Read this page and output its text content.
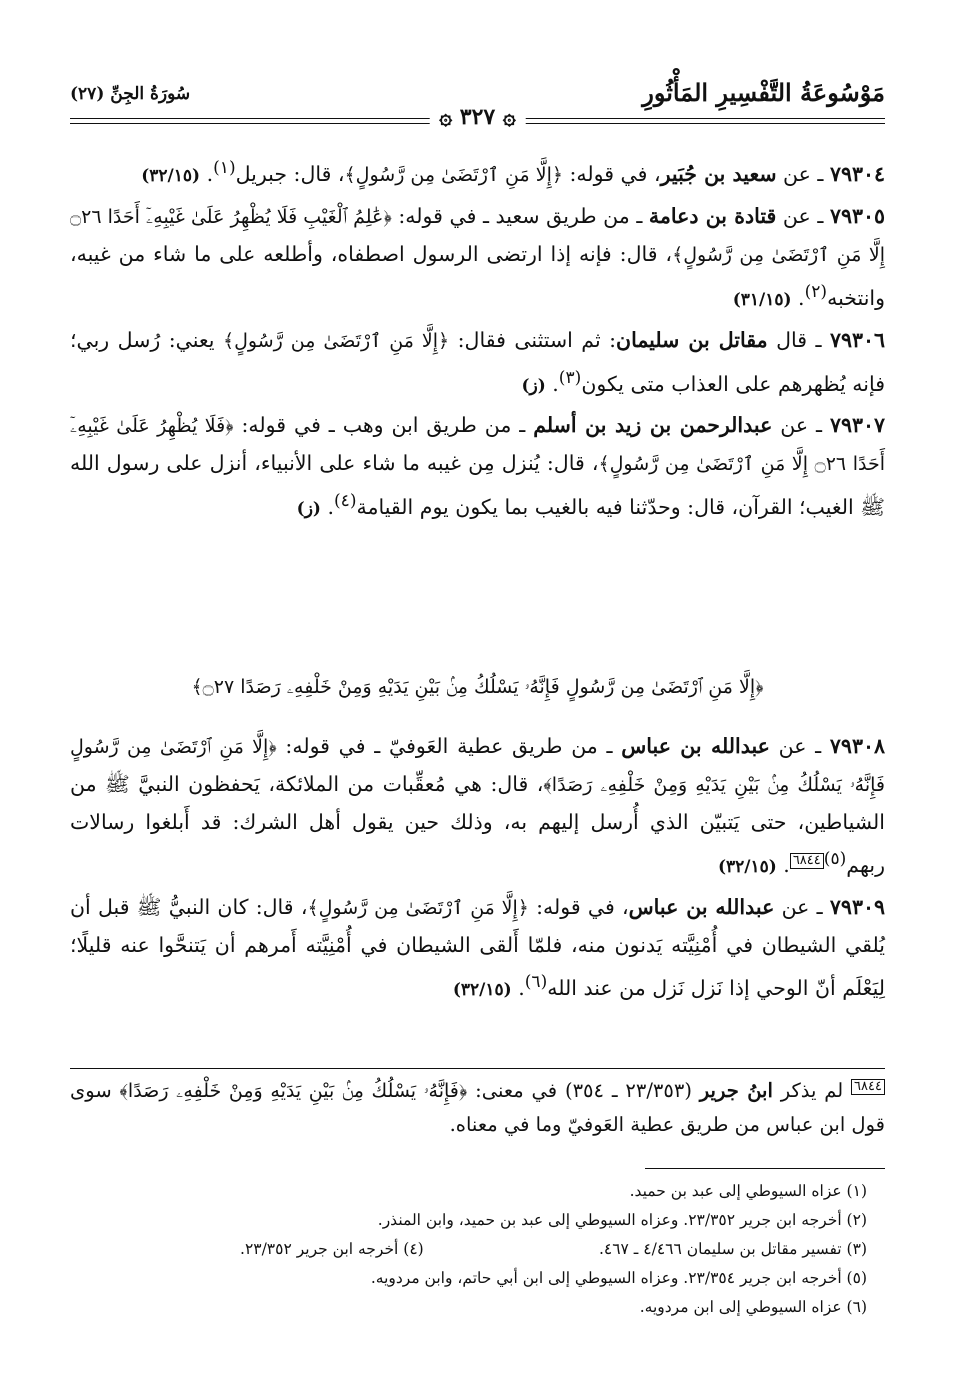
مَوْسُوعَةُ التَّفْسِيرِ المَأْثُورِ
سُورَةُ الجِنِّ (٢٧)
۞ ٣٢٧ ۞

٧٩٣٠٤ ـ عن سعيد بن جُبَير، في قوله: ﴿إِلَّا مَنِ ٱرْتَضَىٰ مِن رَّسُولٍ﴾، قال: جبريل$^{(١)}$. (٣٢/١٥)

٧٩٣٠٥ ـ عن قتادة بن دعامة ـ من طريق سعيد ـ في قوله: ﴿عَٰلِمُ ٱلْغَيْبِ فَلَا يُظْهِرُ عَلَىٰ غَيْبِهِۦٓ أَحَدًا ۝٢٦ إِلَّا مَنِ ٱرْتَضَىٰ مِن رَّسُولٍ﴾، قال: فإنه إذا ارتضى الرسول اصطفاه، وأطلعه على ما شاء من غيبه، وانتخبه$^{(٢)}$. (٣١/١٥)

٧٩٣٠٦ ـ قال مقاتل بن سليمان: ثم استثنى فقال: ﴿إِلَّا مَنِ ٱرْتَضَىٰ مِن رَّسُولٍ﴾ يعني: رُسل ربي؛ فإنه يُظهرهم على العذاب متى يكون$^{(٣)}$. (ز)

٧٩٣٠٧ ـ عن عبدالرحمن بن زيد بن أسلم ـ من طريق ابن وهب ـ في قوله: ﴿فَلَا يُظْهِرُ عَلَىٰ غَيْبِهِۦٓ أَحَدًا ۝٢٦ إِلَّا مَنِ ٱرْتَضَىٰ مِن رَّسُولٍ﴾، قال: يُنزل مِن غيبه ما شاء على الأنبياء، أنزل على رسول الله ﷺ الغيب؛ القرآن، قال: وحدّثنا فيه بالغيب بما يكون يوم القيامة$^{(٤)}$. (ز)

﴿إِلَّا مَنِ ٱرْتَضَىٰ مِن رَّسُولٍ فَإِنَّهُۥ يَسْلُكُ مِنۢ بَيْنِ يَدَيْهِ وَمِنْ خَلْفِهِۦ رَصَدًا ۝٢٧﴾

٧٩٣٠٨ ـ عن عبدالله بن عباس ـ من طريق عطية العَوفيّ ـ في قوله: ﴿إِلَّا مَنِ ٱرْتَضَىٰ مِن رَّسُولٍ فَإِنَّهُۥ يَسْلُكُ مِنۢ بَيْنِ يَدَيْهِ وَمِنْ خَلْفِهِۦ رَصَدًا﴾، قال: هي مُعقِّبات من الملائكة، يَحفظون النبيَّ ﷺ من الشياطين، حتى يَتبيّن الذي أُرسل إليهم به، وذلك حين يقول أهل الشرك: قد أَبلغوا رسالات ربهم$^{(٥)}$٦٨٤٤. (٣٢/١٥)

٧٩٣٠٩ ـ عن عبدالله بن عباس، في قوله: ﴿إِلَّا مَنِ ٱرْتَضَىٰ مِن رَّسُولٍ﴾، قال: كان النبيُّ ﷺ قبل أن يُلقي الشيطان في أُمْنِيَّته يَدنون منه، فلمّا أَلقى الشيطان في أُمْنِيَّته أَمرهم أن يَتنحَّوا عنه قليلًا؛ لِيَعْلَم أنّ الوحي إذا نَزل نَزل من عند الله$^{(٦)}$. (٣٢/١٥)

٦٨٤٤ لم يذكر ابنُ جرير (٢٣/٣٥٣ ـ ٣٥٤) في معنى: ﴿فَإِنَّهُۥ يَسْلُكُ مِنۢ بَيْنِ يَدَيْهِ وَمِنْ خَلْفِهِۦ رَصَدًا﴾ سوى قول ابن عباس من طريق عطية العَوفيّ وما في معناه.

(١) عزاه السيوطي إلى عبد بن حميد.
(٢) أخرجه ابن جرير ٢٣/٣٥٢. وعزاه السيوطي إلى عبد بن حميد، وابن المنذر.
(٣) تفسير مقاتل بن سليمان ٤/٤٦٦ ـ ٤٦٧.
(٤) أخرجه ابن جرير ٢٣/٣٥٢.
(٥) أخرجه ابن جرير ٢٣/٣٥٤. وعزاه السيوطي إلى ابن أبي حاتم، وابن مردويه.
(٦) عزاه السيوطي إلى ابن مردويه.
